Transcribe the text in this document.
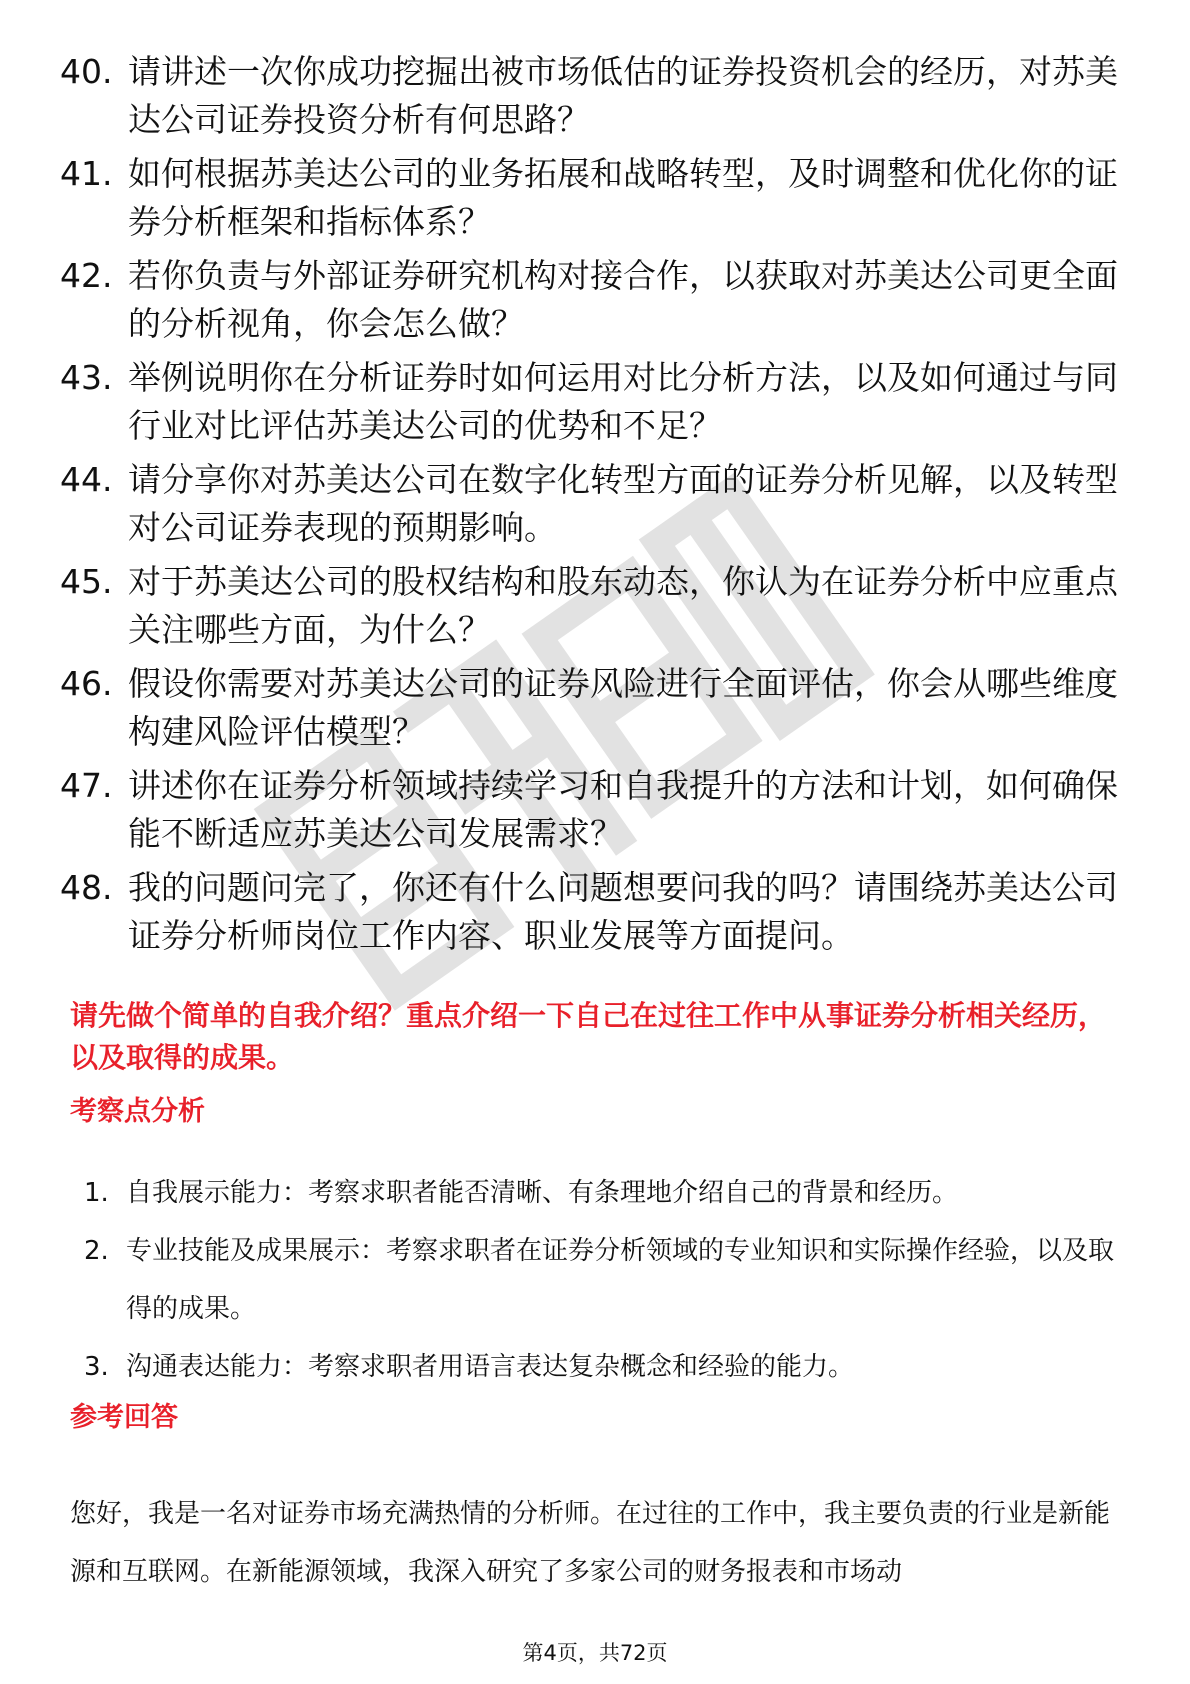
40. 请讲述一次你成功挖掘出被市场低估的证券投资机会的经历，对苏美达公司证券投资分析有何思路？
41. 如何根据苏美达公司的业务拓展和战略转型，及时调整和优化你的证券分析框架和指标体系？
42. 若你负责与外部证券研究机构对接合作，以获取对苏美达公司更全面的分析视角，你会怎么做？
43. 举例说明你在分析证券时如何运用对比分析方法，以及如何通过与同行业对比评估苏美达公司的优势和不足？
44. 请分享你对苏美达公司在数字化转型方面的证券分析见解，以及转型对公司证券表现的预期影响。
45. 对于苏美达公司的股权结构和股东动态，你认为在证券分析中应重点关注哪些方面，为什么？
46. 假设你需要对苏美达公司的证券风险进行全面评估，你会从哪些维度构建风险评估模型？
47. 讲述你在证券分析领域持续学习和自我提升的方法和计划，如何确保能不断适应苏美达公司发展需求？
48. 我的问题问完了，你还有什么问题想要问我的吗？请围绕苏美达公司证券分析师岗位工作内容、职业发展等方面提问。
请先做个简单的自我介绍？重点介绍一下自己在过往工作中从事证券分析相关经历，以及取得的成果。
考察点分析
1. 自我展示能力：考察求职者能否清晰、有条理地介绍自己的背景和经历。
2. 专业技能及成果展示：考察求职者在证券分析领域的专业知识和实际操作经验，以及取得的成果。
3. 沟通表达能力：考察求职者用语言表达复杂概念和经验的能力。
参考回答
您好，我是一名对证券市场充满热情的分析师。在过往的工作中，我主要负责的行业是新能源和互联网。在新能源领域，我深入研究了多家公司的财务报表和市场动
第4页，共72页
